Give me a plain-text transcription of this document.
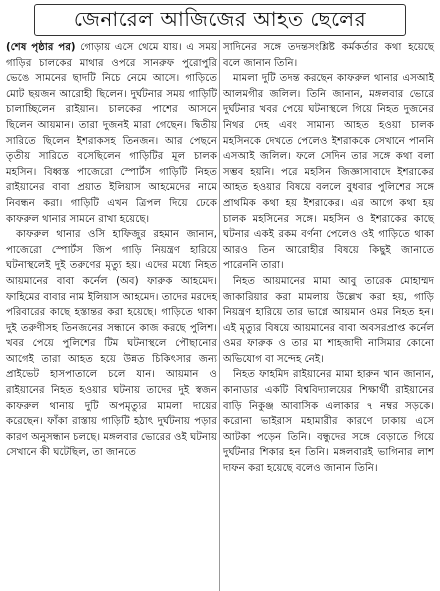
জেনারেল আজিজের আহত ছেলের

(শেষ পৃষ্ঠার পর) গোড়ায় এসে থেমে যায়। এ সময় গাড়ির চালকের মাথার ওপরে সানরুফ পুরোপুরি ভেঙে সামনের ছাদটি নিচে নেমে আসে। গাড়িতে মোট ছয়জন আরোহী ছিলেন। দুর্ঘটনার সময় গাড়িটি চালাচ্ছিলেন রাইয়ান। চালকের পাশের আসনে ছিলেন আয়মান। তারা দুজনই মারা গেছেন। দ্বিতীয় সারিতে ছিলেন ইশরাকসহ তিনজন। আর পেছনে তৃতীয় সারিতে বসেছিলেন গাড়িটির মূল চালক মহসিন। বিধ্বস্ত পাজেরো স্পোর্টস গাড়িটি নিহত রাইয়ানের বাবা প্রয়াত ইলিয়াস আহমেদের নামে নিবন্ধন করা। গাড়িটি এখন ত্রিপল দিয়ে ঢেকে কাফরুল থানার সামনে রাখা হয়েছে।

কাফরুল থানার ওসি হাফিজুর রহমান জানান, পাজেরো স্পোর্টস জিপ গাড়ি নিয়ন্ত্রণ হারিয়ে ঘটনাস্থলেই দুই তরুণের মৃত্যু হয়। এদের মধ্যে নিহত আয়মানের বাবা কর্নেল (অব) ফারুক আহমেদ। ফাহিমের বাবার নাম ইলিয়াস আহমেদ। তাদের মরদেহ পরিবারের কাছে হস্তান্তর করা হয়েছে। গাড়িতে থাকা দুই তরুণীসহ তিনজনের সন্ধানে কাজ করছে পুলিশ। খবর পেয়ে পুলিশের টিম ঘটনাস্থলে পৌছানোর আগেই তারা আহত হয়ে উন্নত চিকিৎসার জন্য প্রাইভেট হাসপাতালে চলে যান। আয়মান ও রাইয়ানের নিহত হওয়ার ঘটনায় তাদের দুই স্বজন কাফরুল থানায় দুটি অপমৃত্যুর মামলা দায়ের করেছেন। ফাঁকা রাস্তায় গাড়িটি হঠাৎ দুর্ঘটনায় পড়ার কারণ অনুসন্ধান চলছে। মঙ্গলবার ভোরের ওই ঘটনায় সেখানে কী ঘটেছিল, তা জানতে

সাদিনের সঙ্গে তদন্তসংশ্লিষ্ট কর্মকর্তার কথা হয়েছে বলে জানান তিনি।

মামলা দুটি তদন্ত করছেন কাফরুল থানার এসআই আলমগীর জলিল। তিনি জানান, মঙ্গলবার ভোরে দুর্ঘটনার খবর পেয়ে ঘটনাস্থলে গিয়ে নিহত দুজনের নিথর দেহ এবং সামান্য আহত হওয়া চালক মহসিনকে দেখতে পেলেও ইশরাককে সেখানে পাননি এসআই জলিল। ফলে সেদিন তার সঙ্গে কথা বলা সম্ভব হয়নি। পরে মহসিন জিজ্ঞাসাবাদে ইশরাকের আহত হওয়ার বিষয়ে বললে বুধবার পুলিশের সঙ্গে প্রাথমিক কথা হয় ইশরাকের। এর আগে কথা হয় চালক মহসিনের সঙ্গে। মহসিন ও ইশরাকের কাছে ঘটনার একই রকম বর্ণনা পেলেও ওই গাড়িতে থাকা আরও তিন আরোহীর বিষয়ে কিছুই জানাতে পারেননি তারা।

নিহত আয়মানের মামা আবু তারেক মোহাম্মদ জাকারিয়ার করা মামলায় উল্লেখ করা হয়, গাড়ি নিয়ন্ত্রণ হারিয়ে তার ভাগ্নে আয়মান ওমর নিহত হন। এই মৃত্যুর বিষয়ে আয়মানের বাবা অবসরপ্রাপ্ত কর্নেল ওমর ফারুক ও তার মা শাহজাদী নাসিমার কোনো অভিযোগ বা সন্দেহ নেই।

নিহত ফাহমিদ রাইয়ানের মামা হারুন খান জানান, কানাডার একটি বিশ্ববিদ্যালয়ের শিক্ষার্থী রাইয়ানের বাড়ি নিকুঞ্জ আবাসিক এলাকার ৭ নম্বর সড়কে। করোনা ভাইরাস মহামারীর কারণে ঢাকায় এসে আটকা পড়েন তিনি। বন্ধুদের সঙ্গে বেড়াতে গিয়ে দুর্ঘটনার শিকার হন তিনি। মঙ্গলবারই ভাগিনার লাশ দাফন করা হয়েছে বলেও জানান তিনি।
